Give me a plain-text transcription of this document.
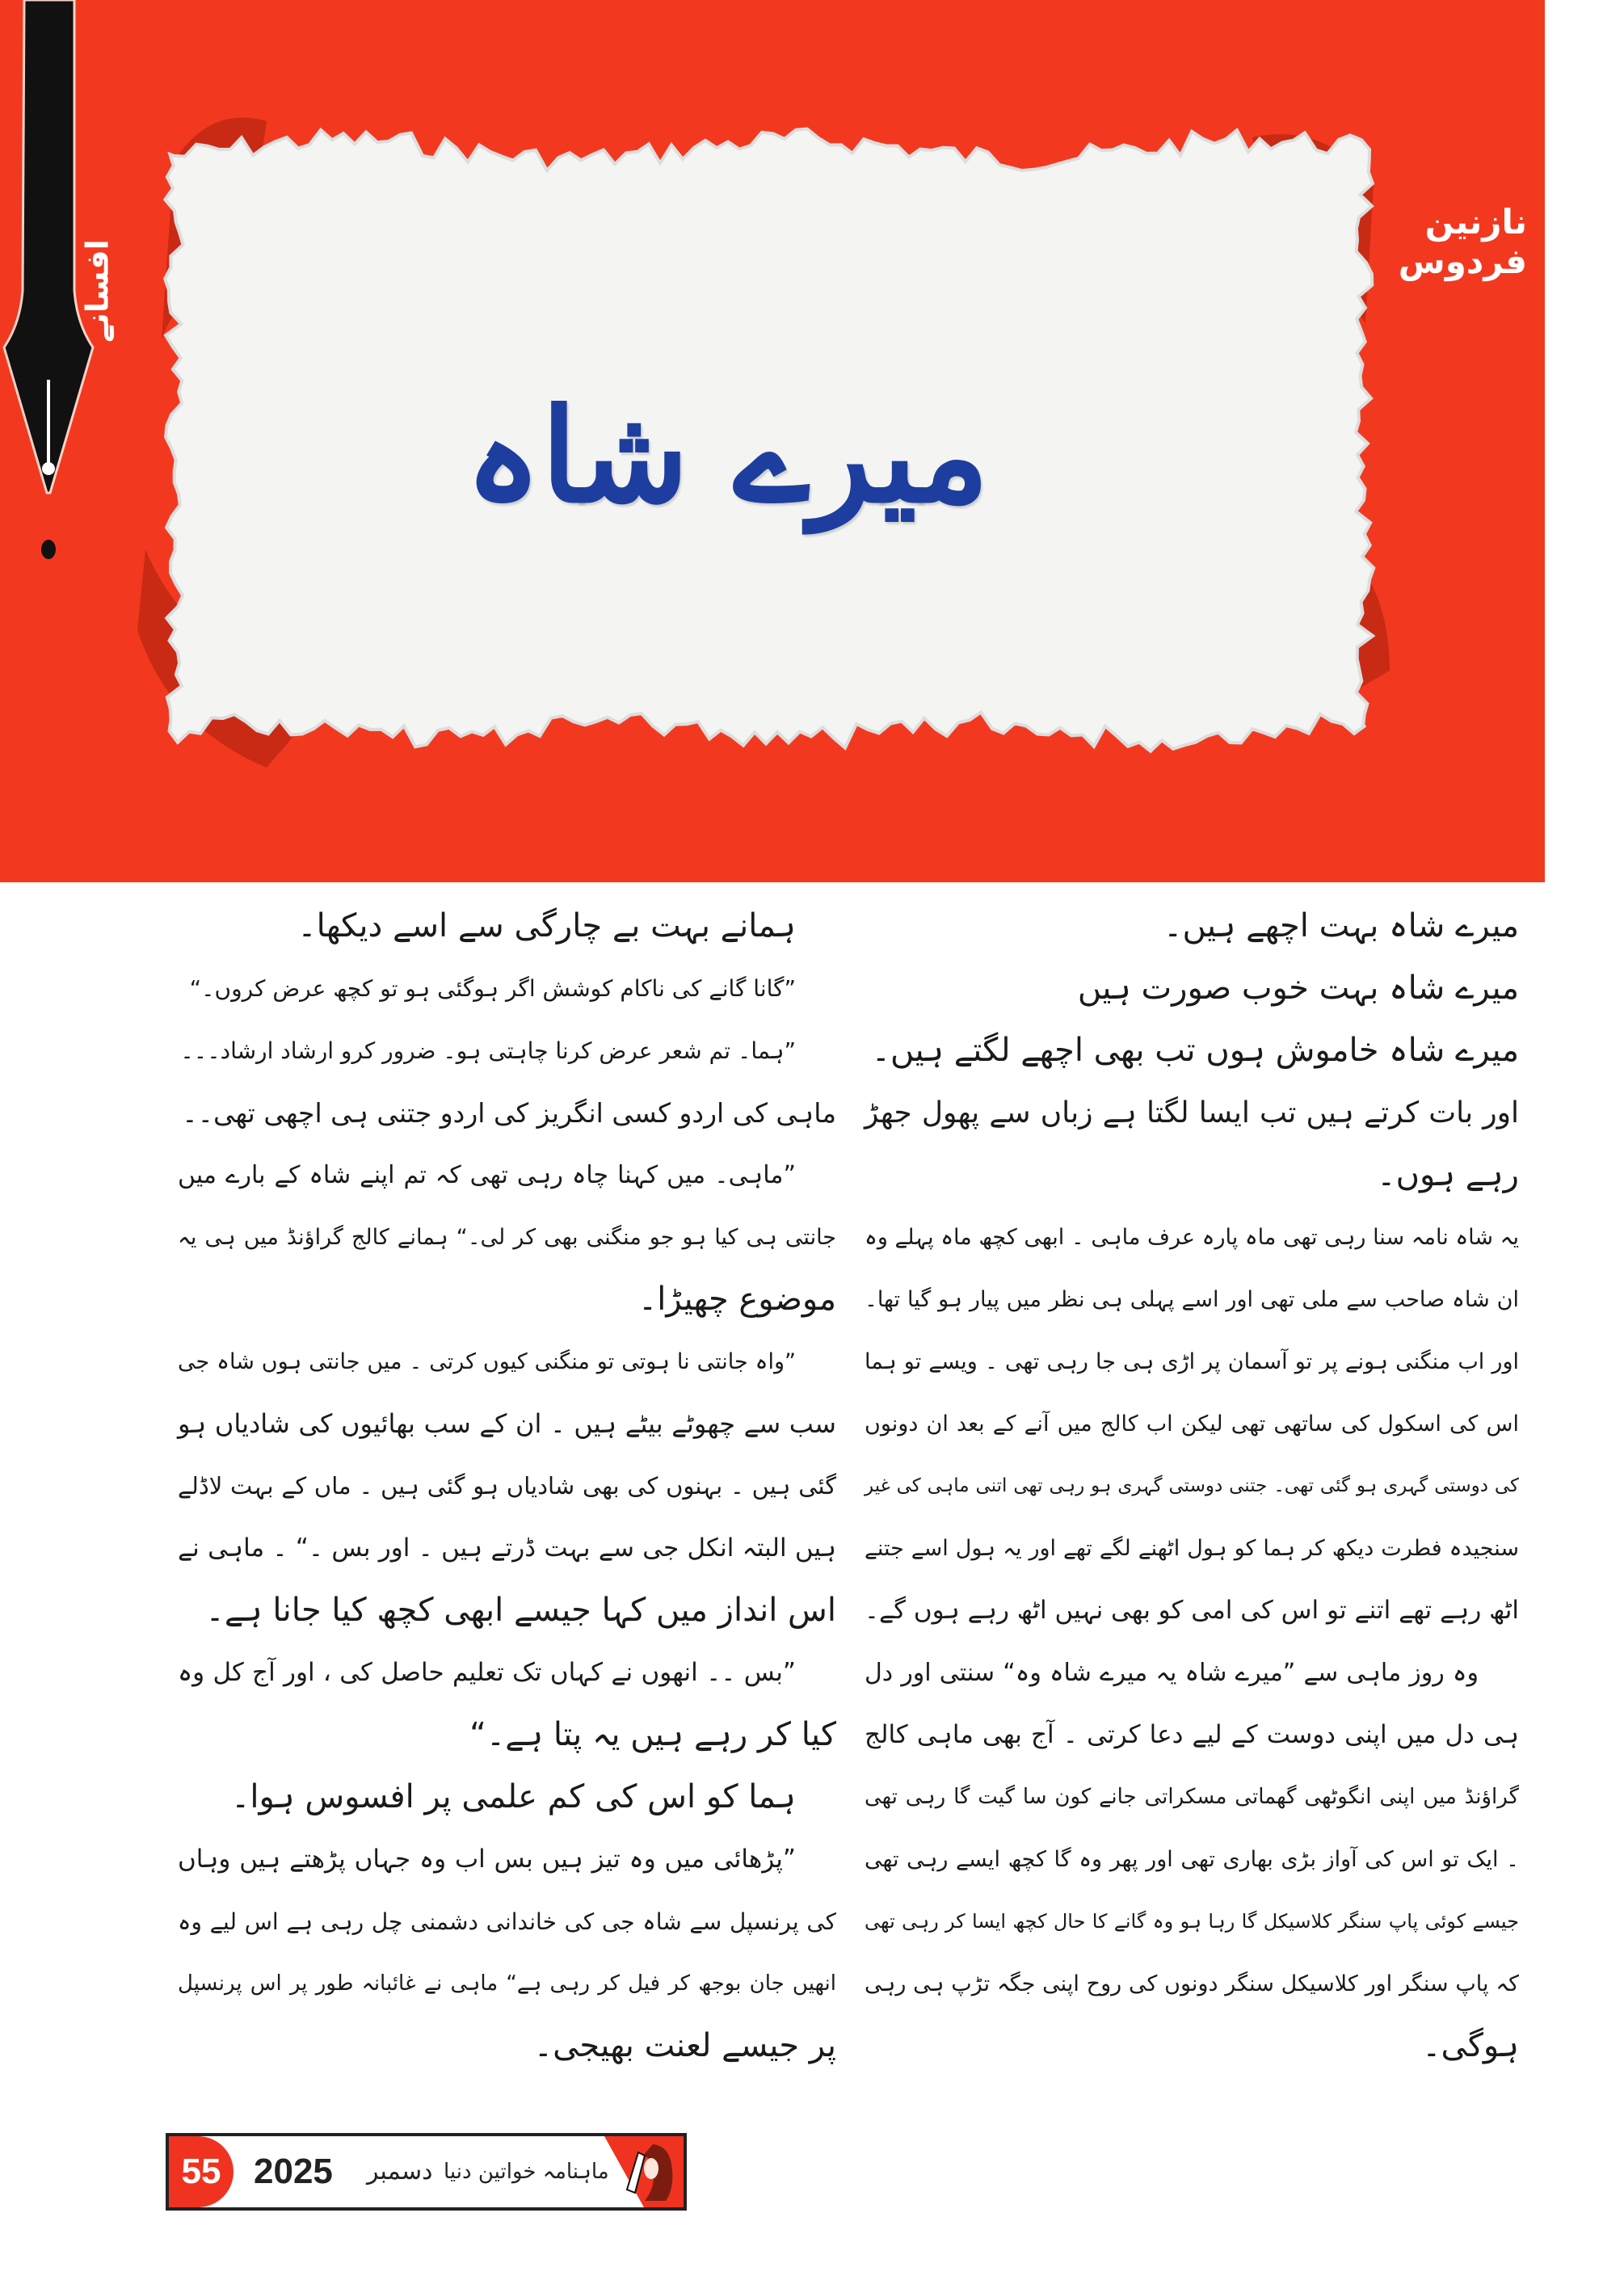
افسانے
میرے شاہ
نازنین فردوس
میرے شاہ بہت اچھے ہیں۔
میرے شاہ بہت خوب صورت ہیں
میرے شاہ خاموش ہوں تب بھی اچھے لگتے ہیں۔
اور بات کرتے ہیں تب ایسا لگتا ہے زباں سے پھول جھڑ
رہے ہوں۔
یہ شاہ نامہ سنا رہی تھی ماہ پارہ عرف ماہی ۔ ابھی کچھ ماہ پہلے وہ
ان شاہ صاحب سے ملی تھی اور اسے پہلی ہی نظر میں پیار ہو گیا تھا۔
اور اب منگنی ہونے پر تو آسمان پر اڑی ہی جا رہی تھی ۔ ویسے تو ہما
اس کی اسکول کی ساتھی تھی لیکن اب کالج میں آنے کے بعد ان دونوں
کی دوستی گہری ہو گئی تھی۔ جتنی دوستی گہری ہو رہی تھی اتنی ماہی کی غیر
سنجیدہ فطرت دیکھ کر ہما کو ہول اٹھنے لگے تھے اور یہ ہول اسے جتنے
اٹھ رہے تھے اتنے تو اس کی امی کو بھی نہیں اٹھ رہے ہوں گے۔
وہ روز ماہی سے ”میرے شاہ یہ میرے شاہ وہ“ سنتی اور دل
ہی دل میں اپنی دوست کے لیے دعا کرتی ۔ آج بھی ماہی کالج
گراؤنڈ میں اپنی انگوٹھی گھماتی مسکراتی جانے کون سا گیت گا رہی تھی
۔ ایک تو اس کی آواز بڑی بھاری تھی اور پھر وہ گا کچھ ایسے رہی تھی
جیسے کوئی پاپ سنگر کلاسیکل گا رہا ہو وہ گانے کا حال کچھ ایسا کر رہی تھی
کہ پاپ سنگر اور کلاسیکل سنگر دونوں کی روح اپنی جگہ تڑپ ہی رہی
ہوگی۔
ہمانے بہت بے چارگی سے اسے دیکھا۔
”گانا گانے کی ناکام کوشش اگر ہوگئی ہو تو کچھ عرض کروں۔“
”ہما۔ تم شعر عرض کرنا چاہتی ہو۔ ضرور کرو ارشاد ارشاد۔۔۔
ماہی کی اردو کسی انگریز کی اردو جتنی ہی اچھی تھی۔۔
”ماہی۔ میں کہنا چاہ رہی تھی کہ تم اپنے شاہ کے بارے میں
جانتی ہی کیا ہو جو منگنی بھی کر لی۔“ ہمانے کالج گراؤنڈ میں ہی یہ
موضوع چھیڑا۔
”واہ جانتی نا ہوتی تو منگنی کیوں کرتی ۔ میں جانتی ہوں شاہ جی
سب سے چھوٹے بیٹے ہیں ۔ ان کے سب بھائیوں کی شادیاں ہو
گئی ہیں ۔ بہنوں کی بھی شادیاں ہو گئی ہیں ۔ ماں کے بہت لاڈلے
ہیں البتہ انکل جی سے بہت ڈرتے ہیں ۔ اور بس ۔“ ۔ ماہی نے
اس انداز میں کہا جیسے ابھی کچھ کیا جانا ہے۔
”بس ۔۔ انھوں نے کہاں تک تعلیم حاصل کی ، اور آج کل وہ
کیا کر رہے ہیں یہ پتا ہے۔“
ہما کو اس کی کم علمی پر افسوس ہوا۔
”پڑھائی میں وہ تیز ہیں بس اب وہ جہاں پڑھتے ہیں وہاں
کی پرنسپل سے شاہ جی کی خاندانی دشمنی چل رہی ہے اس لیے وہ
انھیں جان بوجھ کر فیل کر رہی ہے“ ماہی نے غائبانہ طور پر اس پرنسپل
پر جیسے لعنت بھیجی۔
55 2025 دسمبر ماہنامہ خواتین دنیا
